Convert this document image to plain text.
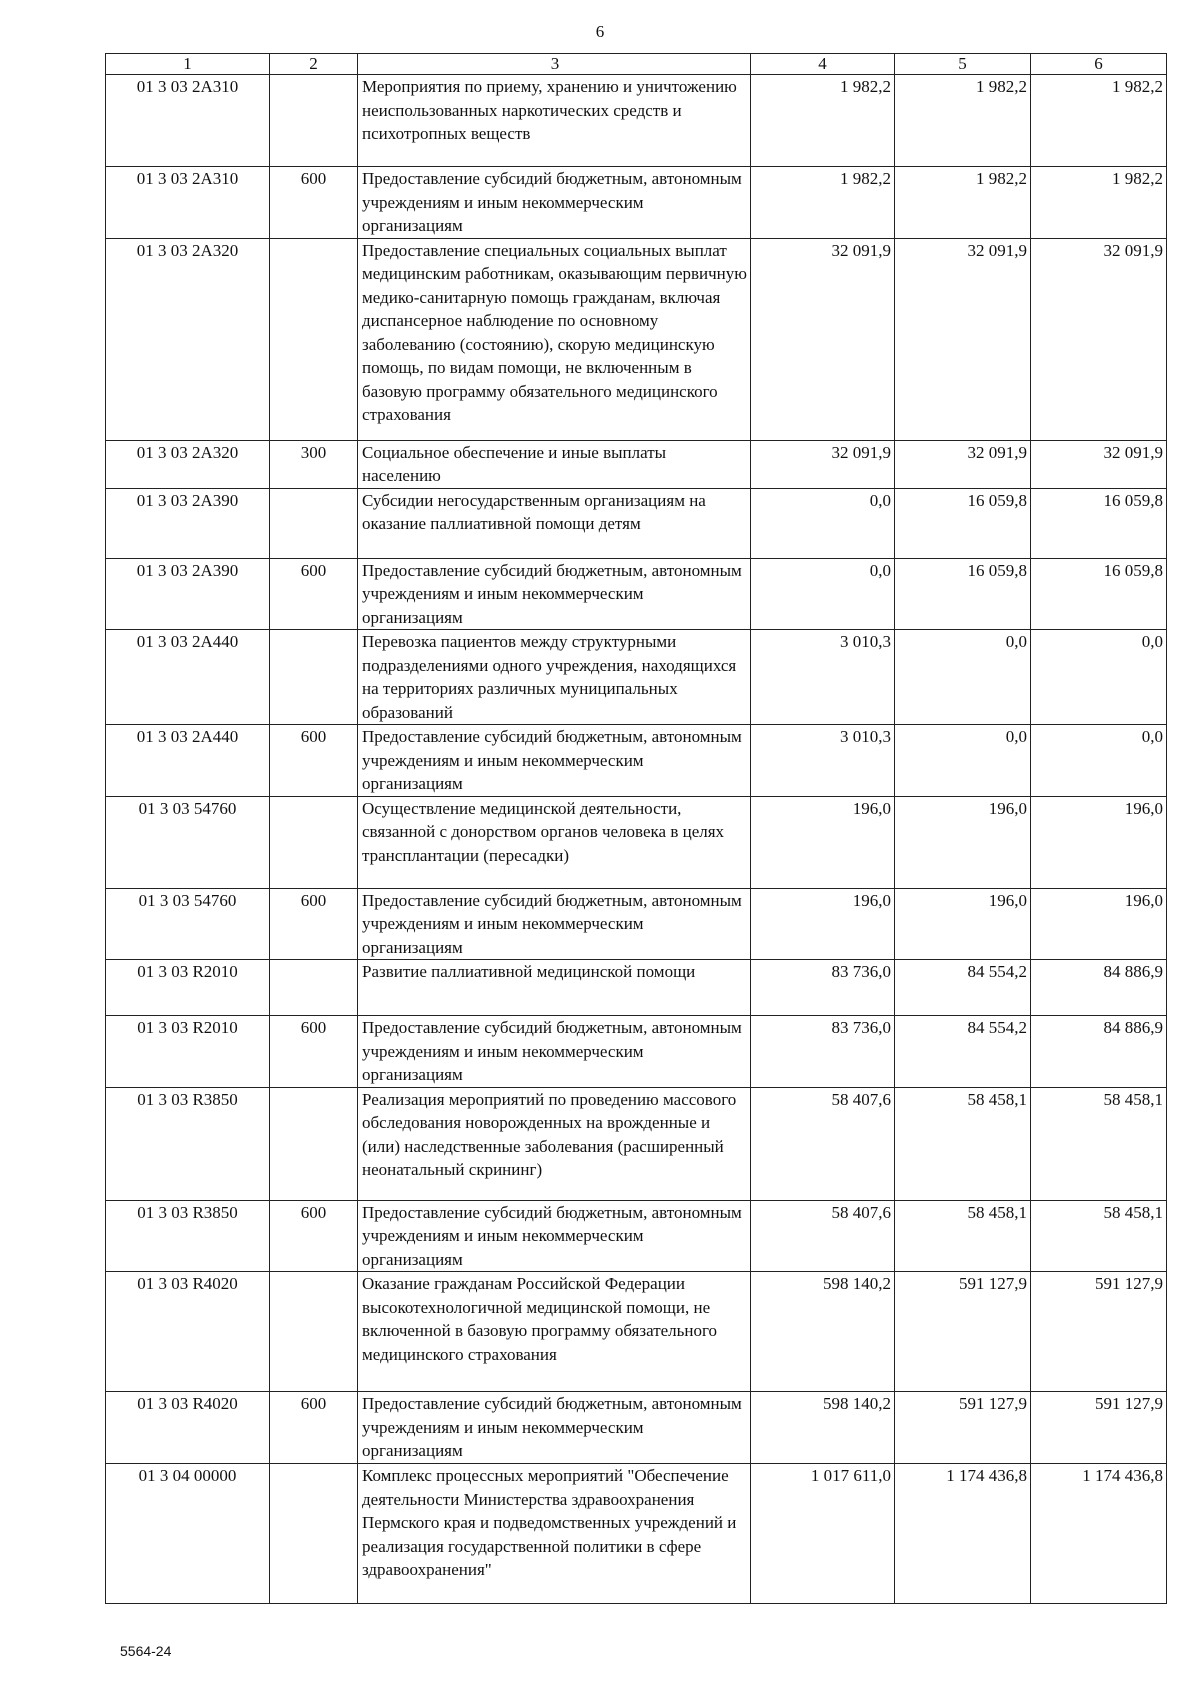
6
1	2	3	4	5	6
01 3 03 2А310		Мероприятия по приему, хранению и уничтожению неиспользованных наркотических средств и психотропных веществ	1 982,2	1 982,2	1 982,2
01 3 03 2А310	600	Предоставление субсидий бюджетным, автономным учреждениям и иным некоммерческим организациям	1 982,2	1 982,2	1 982,2
01 3 03 2А320		Предоставление специальных социальных выплат медицинским работникам, оказывающим первичную медико-санитарную помощь гражданам, включая диспансерное наблюдение по основному заболеванию (состоянию), скорую медицинскую помощь, по видам помощи, не включенным в базовую программу обязательного медицинского страхования	32 091,9	32 091,9	32 091,9
01 3 03 2А320	300	Социальное обеспечение и иные выплаты населению	32 091,9	32 091,9	32 091,9
01 3 03 2А390		Субсидии негосударственным организациям на оказание паллиативной помощи детям	0,0	16 059,8	16 059,8
01 3 03 2А390	600	Предоставление субсидий бюджетным, автономным учреждениям и иным некоммерческим организациям	0,0	16 059,8	16 059,8
01 3 03 2А440		Перевозка пациентов между структурными подразделениями одного учреждения, находящихся на территориях различных муниципальных образований	3 010,3	0,0	0,0
01 3 03 2А440	600	Предоставление субсидий бюджетным, автономным учреждениям и иным некоммерческим организациям	3 010,3	0,0	0,0
01 3 03 54760		Осуществление медицинской деятельности, связанной с донорством органов человека в целях трансплантации (пересадки)	196,0	196,0	196,0
01 3 03 54760	600	Предоставление субсидий бюджетным, автономным учреждениям и иным некоммерческим организациям	196,0	196,0	196,0
01 3 03 R2010		Развитие паллиативной медицинской помощи	83 736,0	84 554,2	84 886,9
01 3 03 R2010	600	Предоставление субсидий бюджетным, автономным учреждениям и иным некоммерческим организациям	83 736,0	84 554,2	84 886,9
01 3 03 R3850		Реализация мероприятий по проведению массового обследования новорожденных на врожденные и (или) наследственные заболевания (расширенный неонатальный скрининг)	58 407,6	58 458,1	58 458,1
01 3 03 R3850	600	Предоставление субсидий бюджетным, автономным учреждениям и иным некоммерческим организациям	58 407,6	58 458,1	58 458,1
01 3 03 R4020		Оказание гражданам Российской Федерации высокотехнологичной медицинской помощи, не включенной в базовую программу обязательного медицинского страхования	598 140,2	591 127,9	591 127,9
01 3 03 R4020	600	Предоставление субсидий бюджетным, автономным учреждениям и иным некоммерческим организациям	598 140,2	591 127,9	591 127,9
01 3 04 00000		Комплекс процессных мероприятий "Обеспечение деятельности Министерства здравоохранения Пермского края и подведомственных учреждений и реализация государственной политики в сфере здравоохранения"	1 017 611,0	1 174 436,8	1 174 436,8
5564-24
